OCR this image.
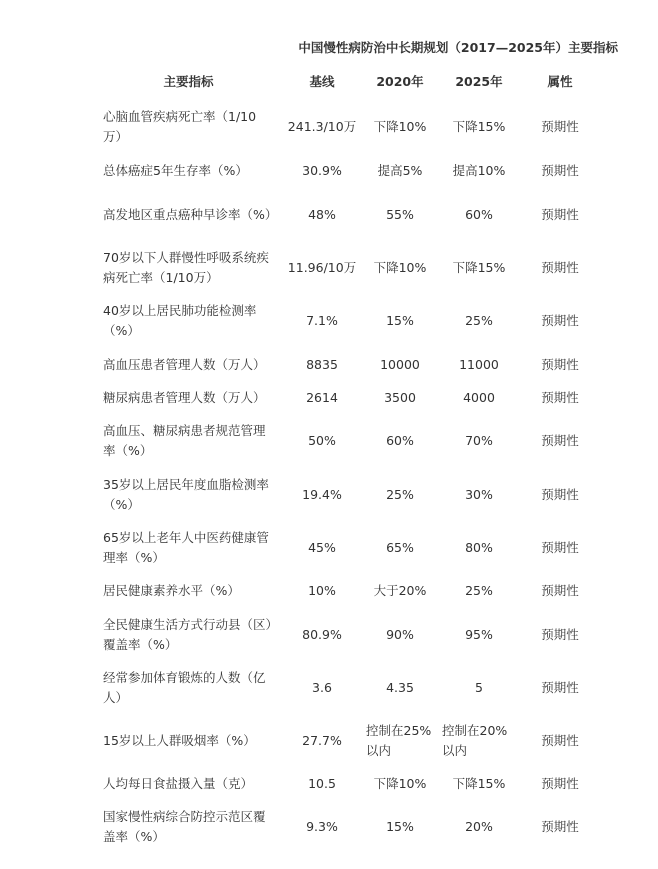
中国慢性病防治中长期规划（2017—2025年）主要指标
主要指标	基线	2020年	2025年	属性
心脑血管疾病死亡率（1/10万）	241.3/10万	下降10%	下降15%	预期性
总体癌症5年生存率（%）	30.9%	提高5%	提高10%	预期性
高发地区重点癌种早诊率（%）	48%	55%	60%	预期性
70岁以下人群慢性呼吸系统疾病死亡率（1/10万）	11.96/10万	下降10%	下降15%	预期性
40岁以上居民肺功能检测率（%）	7.1%	15%	25%	预期性
高血压患者管理人数（万人）	8835	10000	11000	预期性
糖尿病患者管理人数（万人）	2614	3500	4000	预期性
高血压、糖尿病患者规范管理率（%）	50%	60%	70%	预期性
35岁以上居民年度血脂检测率（%）	19.4%	25%	30%	预期性
65岁以上老年人中医药健康管理率（%）	45%	65%	80%	预期性
居民健康素养水平（%）	10%	大于20%	25%	预期性
全民健康生活方式行动县（区）覆盖率（%）	80.9%	90%	95%	预期性
经常参加体育锻炼的人数（亿人）	3.6	4.35	5	预期性
15岁以上人群吸烟率（%）	27.7%	控制在25%以内	控制在20%以内	预期性
人均每日食盐摄入量（克）	10.5	下降10%	下降15%	预期性
国家慢性病综合防控示范区覆盖率（%）	9.3%	15%	20%	预期性
